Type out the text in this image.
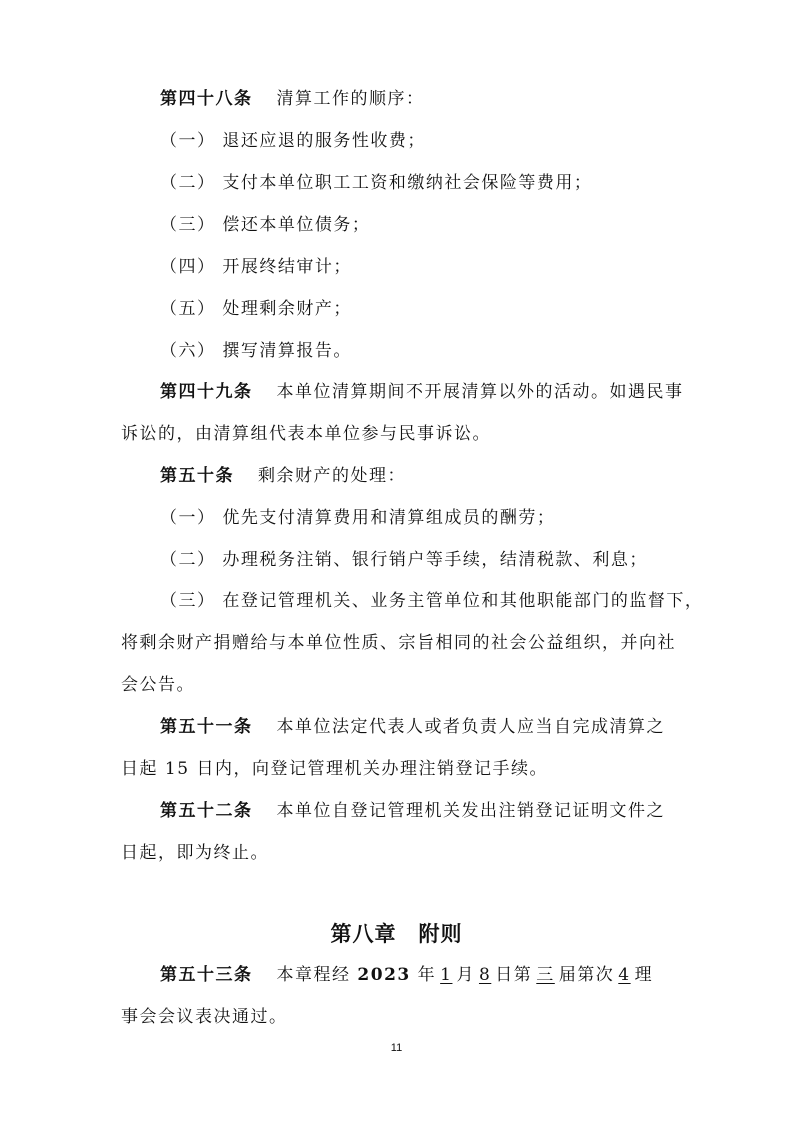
第四十八条 清算工作的顺序：
（一） 退还应退的服务性收费；
（二） 支付本单位职工工资和缴纳社会保险等费用；
（三） 偿还本单位债务；
（四） 开展终结审计；
（五） 处理剩余财产；
（六） 撰写清算报告。
第四十九条 本单位清算期间不开展清算以外的活动。如遇民事
诉讼的，由清算组代表本单位参与民事诉讼。
第五十条 剩余财产的处理：
（一） 优先支付清算费用和清算组成员的酬劳；
（二） 办理税务注销、银行销户等手续，结清税款、利息；
（三） 在登记管理机关、业务主管单位和其他职能部门的监督下，
将剩余财产捐赠给与本单位性质、宗旨相同的社会公益组织，并向社
会公告。
第五十一条 本单位法定代表人或者负责人应当自完成清算之
日起 15 日内，向登记管理机关办理注销登记手续。
第五十二条 本单位自登记管理机关发出注销登记证明文件之
日起，即为终止。
第八章　附则
第五十三条 本章程经 2023 年 1 月 8 日第 三 届第次 4 理
事会会议表决通过。
11
